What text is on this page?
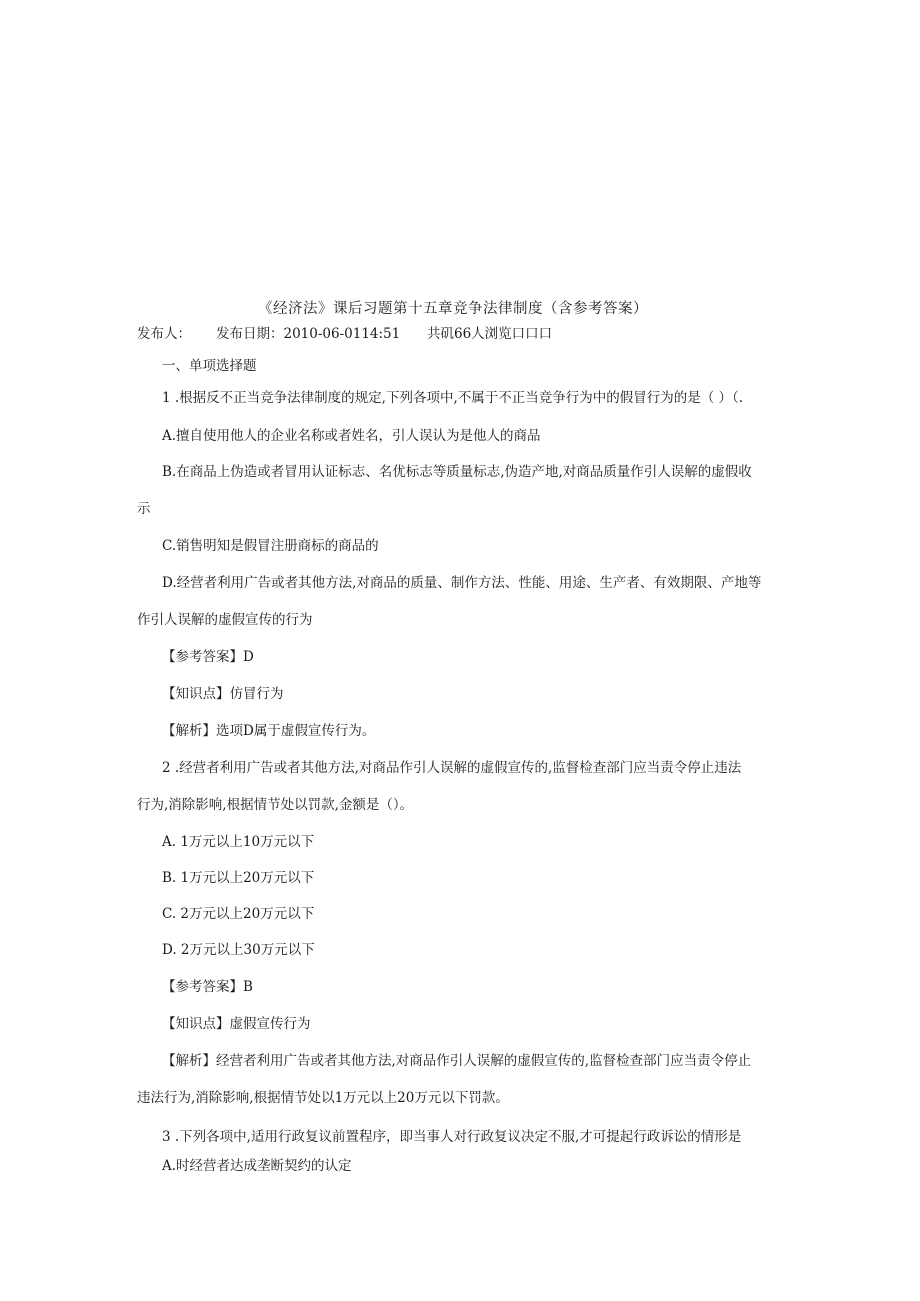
《经济法》课后习题第十五章竞争法律制度（含参考答案）
发布人： 发布日期：2010-06-0114:51 共矶66人浏览口口口
一、单项选择题
1 .根据反不正当竞争法律制度的规定,下列各项中,不属于不正当竞争行为中的假冒行为的是（ ）（.
A.擅自使用他人的企业名称或者姓名，引人误认为是他人的商品
B.在商品上伪造或者冒用认证标志、名优标志等质量标志,伪造产地,对商品质量作引人误解的虚假收
示
C.销售明知是假冒注册商标的商品的
D.经营者利用广告或者其他方法,对商品的质量、制作方法、性能、用途、生产者、有效期限、产地等
作引人误解的虚假宣传的行为
【参考答案】D
【知识点】仿冒行为
【解析】选项D属于虚假宣传行为。
2 .经营者利用广告或者其他方法,对商品作引人误解的虚假宣传的,监督检查部门应当责令停止违法
行为,消除影响,根据情节处以罚款,金额是（）。
A. 1万元以上10万元以下
B. 1万元以上20万元以下
C. 2万元以上20万元以下
D. 2万元以上30万元以下
【参考答案】B
【知识点】虚假宣传行为
【解析】经营者利用广告或者其他方法,对商品作引人误解的虚假宣传的,监督检查部门应当责令停止
违法行为,消除影响,根据情节处以1万元以上20万元以下罚款。
3 .下列各项中,适用行政复议前置程序，即当事人对行政复议决定不服,才可提起行政诉讼的情形是
A.时经营者达成垄断契约的认定
